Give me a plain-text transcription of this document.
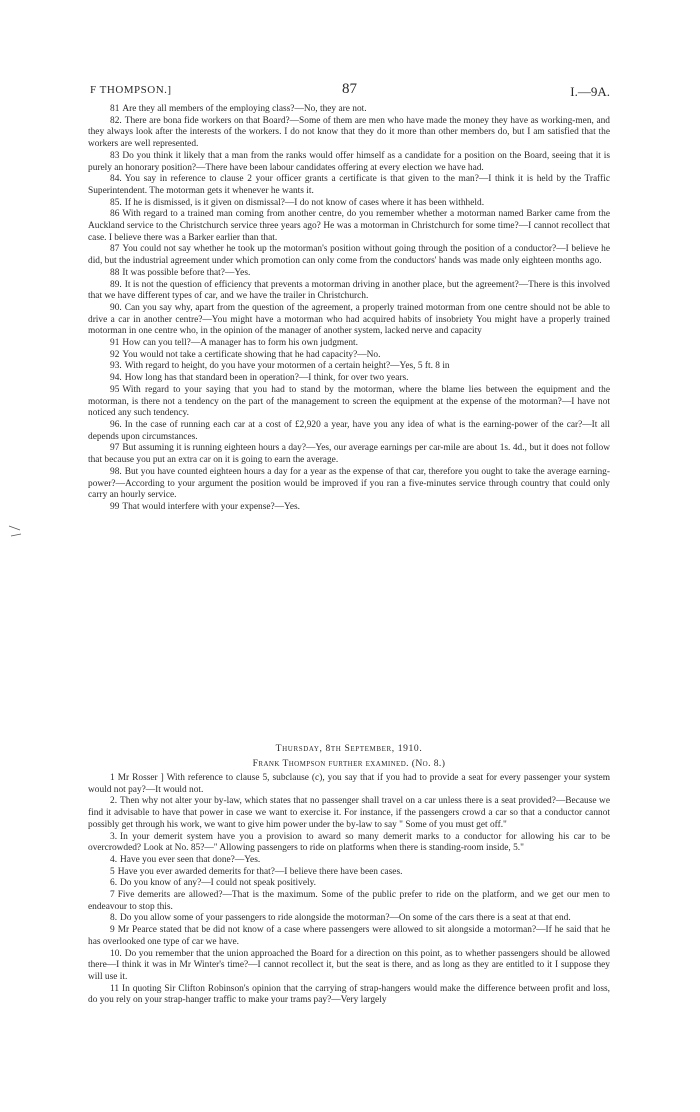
F THOMPSON.]	87	I.—9A.

81 Are they all members of the employing class?—No, they are not.

82. There are bona fide workers on that Board?—Some of them are men who have made the money they have as working-men, and they always look after the interests of the workers. I do not know that they do it more than other members do, but I am satisfied that the workers are well represented.

83 Do you think it likely that a man from the ranks would offer himself as a candidate for a position on the Board, seeing that it is purely an honorary position?—There have been labour candidates offering at every election we have had.

84. You say in reference to clause 2 your officer grants a certificate is that given to the man?—I think it is held by the Traffic Superintendent. The motorman gets it whenever he wants it.

85. If he is dismissed, is it given on dismissal?—I do not know of cases where it has been withheld.

86 With regard to a trained man coming from another centre, do you remember whether a motorman named Barker came from the Auckland service to the Christchurch service three years ago? He was a motorman in Christchurch for some time?—I cannot recollect that case. I believe there was a Barker earlier than that.

87 You could not say whether he took up the motorman's position without going through the position of a conductor?—I believe he did, but the industrial agreement under which promotion can only come from the conductors' hands was made only eighteen months ago.

88 It was possible before that?—Yes.

89. It is not the question of efficiency that prevents a motorman driving in another place, but the agreement?—There is this involved that we have different types of car, and we have the trailer in Christchurch.

90. Can you say why, apart from the question of the agreement, a properly trained motorman from one centre should not be able to drive a car in another centre?—You might have a motorman who had acquired habits of insobriety You might have a properly trained motorman in one centre who, in the opinion of the manager of another system, lacked nerve and capacity

91 How can you tell?—A manager has to form his own judgment.

92 You would not take a certificate showing that he had capacity?—No.

93. With regard to height, do you have your motormen of a certain height?—Yes, 5 ft. 8 in

94. How long has that standard been in operation?—I think, for over two years.

95 With regard to your saying that you had to stand by the motorman, where the blame lies between the equipment and the motorman, is there not a tendency on the part of the management to screen the equipment at the expense of the motorman?—I have not noticed any such tendency.

96. In the case of running each car at a cost of £2,920 a year, have you any idea of what is the earning-power of the car?—It all depends upon circumstances.

97 But assuming it is running eighteen hours a day?—Yes, our average earnings per car-mile are about 1s. 4d., but it does not follow that because you put an extra car on it is going to earn the average.

98. But you have counted eighteen hours a day for a year as the expense of that car, therefore you ought to take the average earning-power?—According to your argument the position would be improved if you ran a five-minutes service through country that could only carry an hourly service.

99 That would interfere with your expense?—Yes.

Thursday, 8th September, 1910.
Frank Thompson further examined. (No. 8.)

1 Mr Rosser ] With reference to clause 5, subclause (c), you say that if you had to provide a seat for every passenger your system would not pay?—It would not.

2. Then why not alter your by-law, which states that no passenger shall travel on a car unless there is a seat provided?—Because we find it advisable to have that power in case we want to exercise it. For instance, if the passengers crowd a car so that a conductor cannot possibly get through his work, we want to give him power under the by-law to say " Some of you must get off."

3. In your demerit system have you a provision to award so many demerit marks to a conductor for allowing his car to be overcrowded? Look at No. 85?—" Allowing passengers to ride on platforms when there is standing-room inside, 5."

4. Have you ever seen that done?—Yes.

5 Have you ever awarded demerits for that?—I believe there have been cases.

6. Do you know of any?—I could not speak positively.

7 Five demerits are allowed?—That is the maximum. Some of the public prefer to ride on the platform, and we get our men to endeavour to stop this.

8. Do you allow some of your passengers to ride alongside the motorman?—On some of the cars there is a seat at that end.

9 Mr Pearce stated that be did not know of a case where passengers were allowed to sit alongside a motorman?—If he said that he has overlooked one type of car we have.

10. Do you remember that the union approached the Board for a direction on this point, as to whether passengers should be allowed there—I think it was in Mr Winter's time?—I cannot recollect it, but the seat is there, and as long as they are entitled to it I suppose they will use it.

11 In quoting Sir Clifton Robinson's opinion that the carrying of strap-hangers would make the difference between profit and loss, do you rely on your strap-hanger traffic to make your trams pay?—Very largely
